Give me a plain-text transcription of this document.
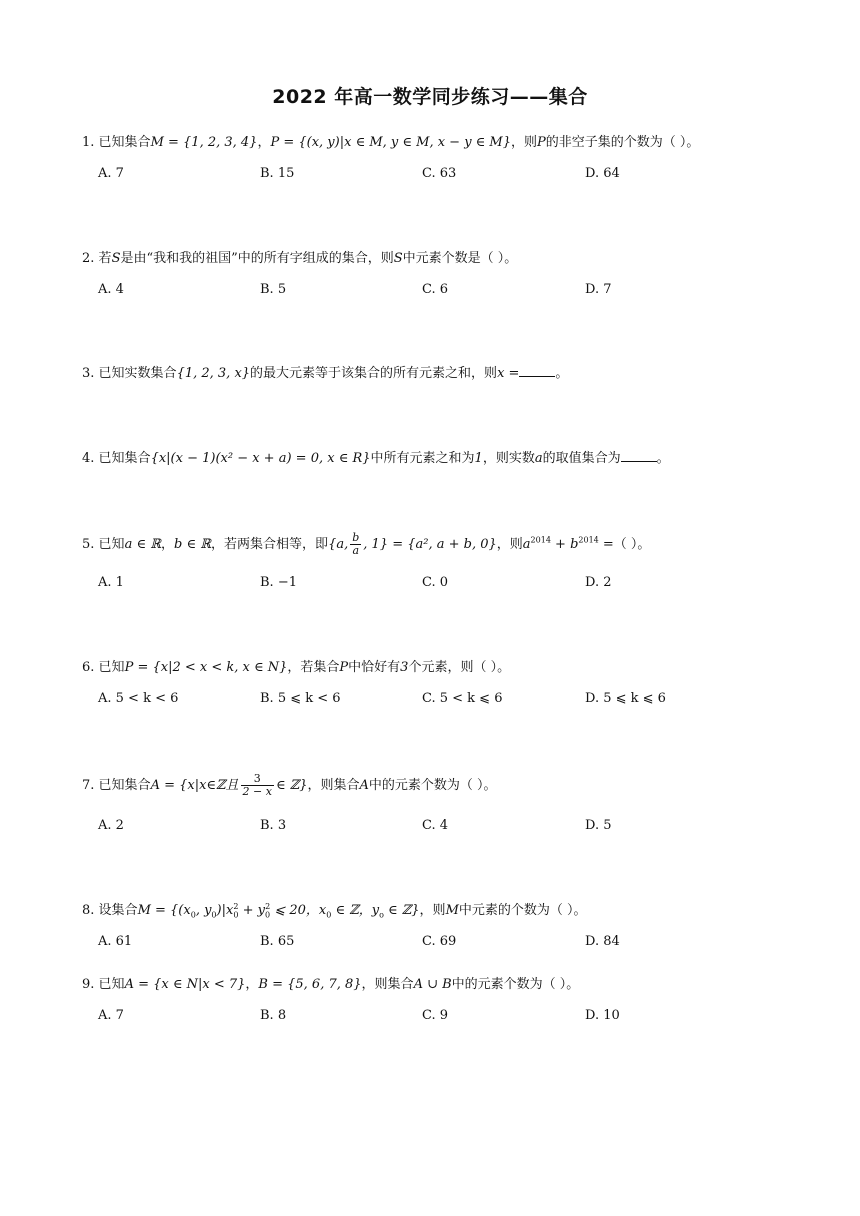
2022 年高一数学同步练习——集合
1. 已知集合M = {1, 2, 3, 4}，P = {(x, y)|x ∈ M, y ∈ M, x − y ∈ M}，则P的非空子集的个数为（ ）。
A. 7	B. 15	C. 63	D. 64
2. 若S是由“我和我的祖国”中的所有字组成的集合，则S中元素个数是（ ）。
A. 4	B. 5	C. 6	D. 7
3. 已知实数集合{1, 2, 3, x}的最大元素等于该集合的所有元素之和，则x =	。
4. 已知集合{x|(x − 1)(x² − x + a) = 0, x ∈ R}中所有元素之和为1，则实数a的取值集合为	。
5. 已知a ∈ ℝ，b ∈ ℝ，若两集合相等，即{a, $\frac{b}{a}$ , 1} = {a², a + b, 0}，则$a^{2014} + b^{2014}$ =（ ）。
A. 1	B. −1	C. 0	D. 2
6. 已知P = {x|2 < x < k, x ∈ N}，若集合P中恰好有3个元素，则（ ）。
A. 5 < k < 6	B. 5 ⩽ k < 6	C. 5 < k ⩽ 6	D. 5 ⩽ k ⩽ 6
7. 已知集合A = {x|x∈ℤ且 $\frac{3}{2 - x}$ ∈ ℤ}，则集合A中的元素个数为（ ）。
A. 2	B. 3	C. 4	D. 5
8. 设集合$M = \{(x_0$, $y_0)|x_0^2 + y_0^2$ ⩽ 20，$x_0$ ∈ ℤ，$y_o$ ∈ ℤ}，则M中元素的个数为（ ）。
A. 61	B. 65	C. 69	D. 84
9. 已知A = {x ∈ N|x < 7}，B = {5, 6, 7, 8}，则集合A ∪ B中的元素个数为（ ）。
A. 7	B. 8	C. 9	D. 10
